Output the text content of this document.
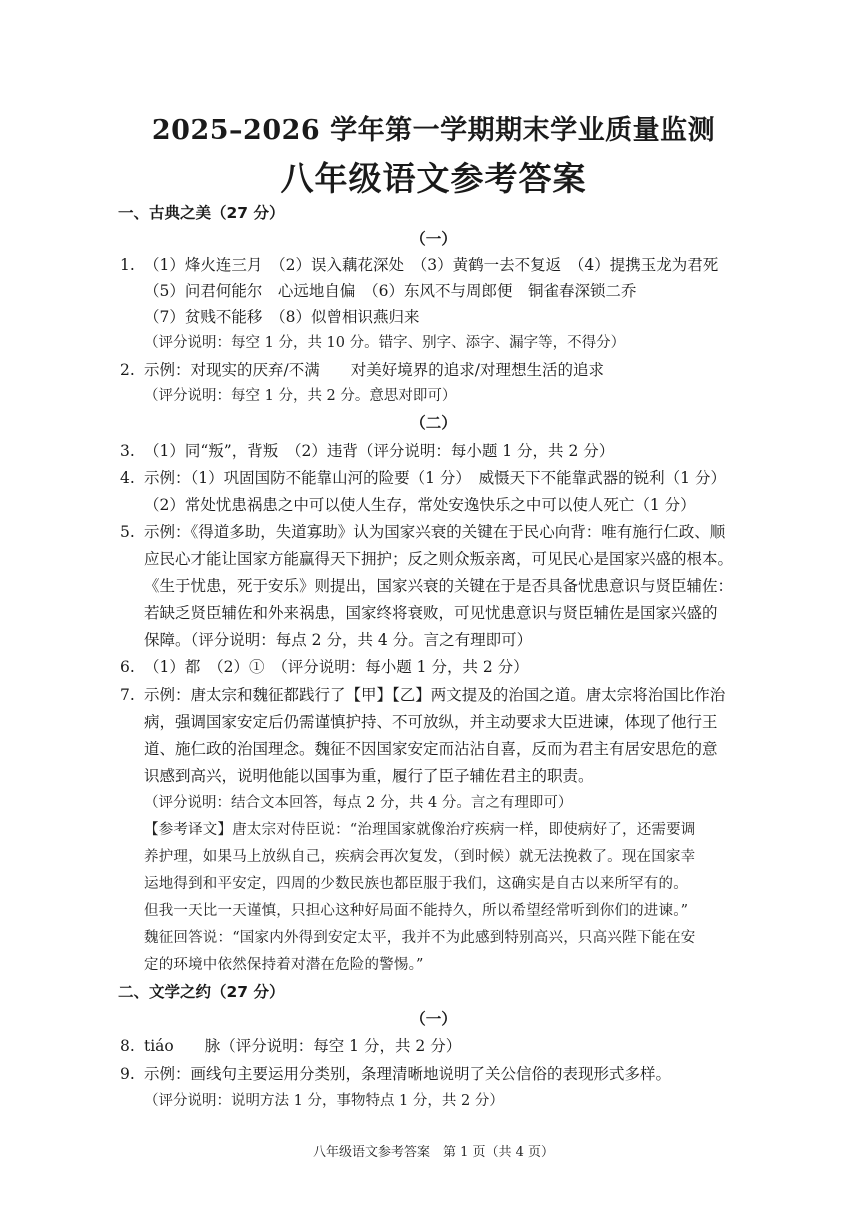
2025–2026 学年第一学期期末学业质量监测
八年级语文参考答案
一、古典之美（27 分）
（一）
1. （1）烽火连三月　（2）误入藕花深处　（3）黄鹤一去不复返　（4）提携玉龙为君死
（5）问君何能尔　心远地自偏　（6）东风不与周郎便　铜雀春深锁二乔
（7）贫贱不能移　（8）似曾相识燕归来
（评分说明：每空 1 分，共 10 分。错字、别字、添字、漏字等，不得分）
2. 示例：对现实的厌弃/不满　　对美好境界的追求/对理想生活的追求
（评分说明：每空 1 分，共 2 分。意思对即可）
（二）
3. （1）同“叛”，背叛　（2）违背（评分说明：每小题 1 分，共 2 分）
4. 示例：（1）巩固国防不能靠山河的险要（1 分）　威慑天下不能靠武器的锐利（1 分）
（2）常处忧患祸患之中可以使人生存，常处安逸快乐之中可以使人死亡（1 分）
5. 示例：《得道多助，失道寡助》认为国家兴衰的关键在于民心向背：唯有施行仁政、顺
应民心才能让国家方能赢得天下拥护；反之则众叛亲离，可见民心是国家兴盛的根本。
《生于忧患，死于安乐》则提出，国家兴衰的关键在于是否具备忧患意识与贤臣辅佐：
若缺乏贤臣辅佐和外来祸患，国家终将衰败，可见忧患意识与贤臣辅佐是国家兴盛的
保障。（评分说明：每点 2 分，共 4 分。言之有理即可）
6. （1）都　（2）①　（评分说明：每小题 1 分，共 2 分）
7. 示例：唐太宗和魏征都践行了【甲】【乙】两文提及的治国之道。唐太宗将治国比作治
病，强调国家安定后仍需谨慎护持、不可放纵，并主动要求大臣进谏，体现了他行王
道、施仁政的治国理念。魏征不因国家安定而沾沾自喜，反而为君主有居安思危的意
识感到高兴，说明他能以国事为重，履行了臣子辅佐君主的职责。
（评分说明：结合文本回答，每点 2 分，共 4 分。言之有理即可）
【参考译文】唐太宗对侍臣说：“治理国家就像治疗疾病一样，即使病好了，还需要调
养护理，如果马上放纵自己，疾病会再次复发，（到时候）就无法挽救了。现在国家幸
运地得到和平安定，四周的少数民族也都臣服于我们，这确实是自古以来所罕有的。
但我一天比一天谨慎，只担心这种好局面不能持久，所以希望经常听到你们的进谏。”
魏征回答说：“国家内外得到安定太平，我并不为此感到特别高兴，只高兴陛下能在安
定的环境中依然保持着对潜在危险的警惕。”
二、文学之约（27 分）
（一）
8. tiáo　　脉（评分说明：每空 1 分，共 2 分）
9. 示例：画线句主要运用分类别，条理清晰地说明了关公信俗的表现形式多样。
（评分说明：说明方法 1 分，事物特点 1 分，共 2 分）
八年级语文参考答案　第 1 页（共 4 页）
